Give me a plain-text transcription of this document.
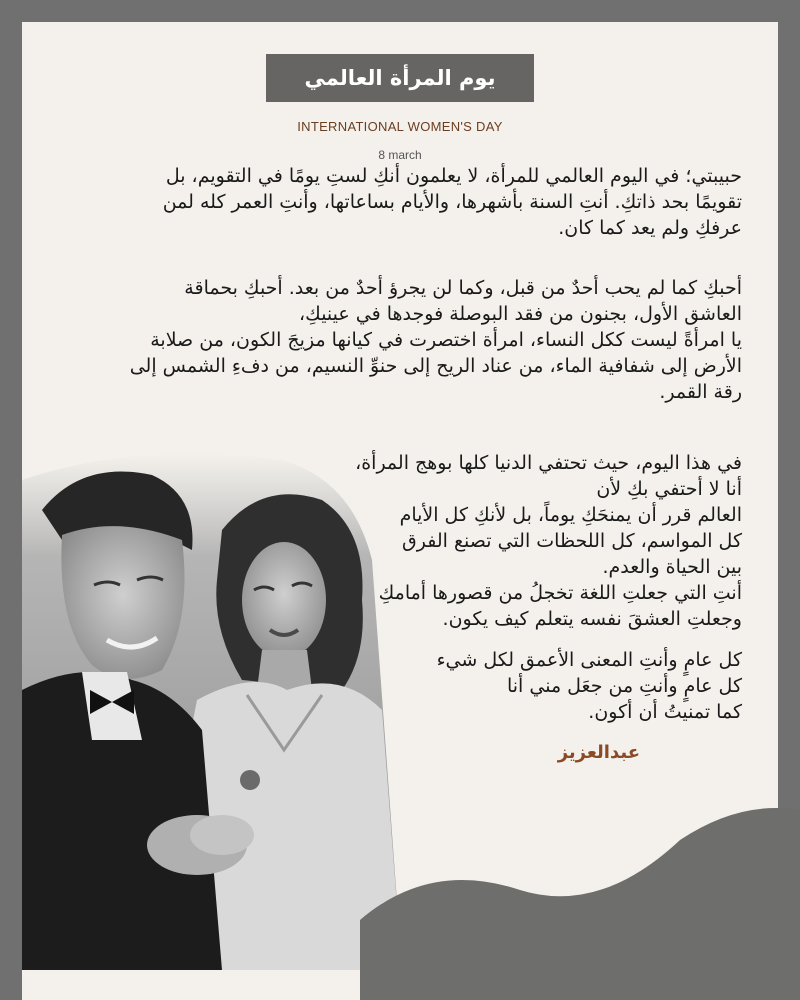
يوم المرأة العالمي
INTERNATIONAL WOMEN'S DAY
8 march

حبيبتي؛ في اليوم العالمي للمرأة، لا يعلمون أنكِ لستِ يومًا في التقويم، بل

تقويمًا بحد ذاتكِ. أنتِ السنة بأشهرها، والأيام بساعاتها، وأنتِ العمر كله لمن

عرفكِ ولم يعد كما كان.

أحبكِ كما لم يحب أحدٌ من قبل، وكما لن يجرؤ أحدٌ من بعد. أحبكِ بحماقة

العاشق الأول، بجنون من فقد البوصلة فوجدها في عينيكِ،

يا امرأةً ليست ككل النساء، امرأة اختصرت في كيانها مزيجَ الكون، من صلابة

الأرض إلى شفافية الماء، من عناد الريح إلى حنوِّ النسيم، من دفءِ الشمس إلى

رقة القمر.

في هذا اليوم، حيث تحتفي الدنيا كلها بوهج المرأة، أنا لا أحتفي بكِ لأن

العالم قرر أن يمنحَكِ يوماً، بل لأنكِ كل الأيام

كل المواسم، كل اللحظات التي تصنع الفرق

بين الحياة والعدم.

أنتِ التي جعلتِ اللغة تخجلُ من قصورها أمامكِ

وجعلتِ العشقَ نفسه يتعلم كيف يكون.

كل عامٍ وأنتِ المعنى الأعمق لكل شيء

كل عامٍ وأنتِ من جعَل مني أنا

كما تمنيتُ أن أكون.

عبدالعزيز
